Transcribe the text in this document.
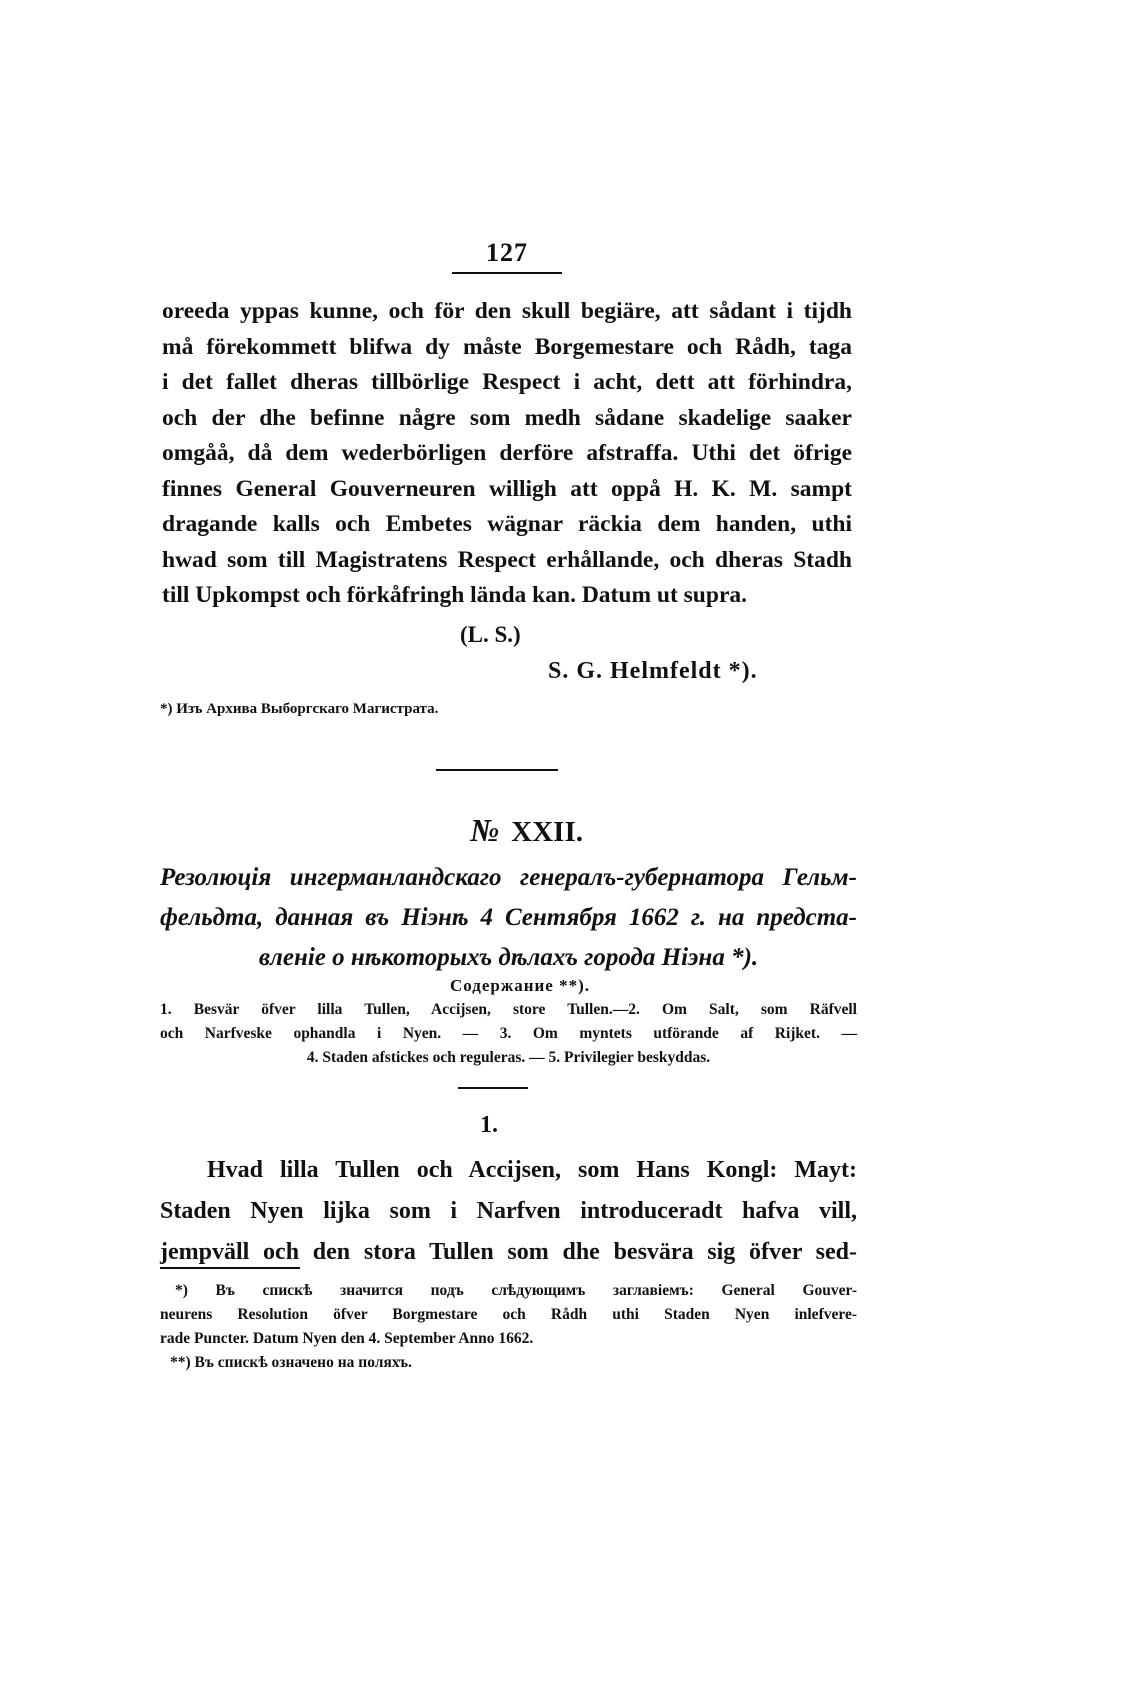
127
oreeda yppas kunne, och för den skull begiäre, att sådant i tijdh
må förekommett blifwa dy måste Borgemestare och Rådh, taga
i det fallet dheras tillbörlige Respect i acht, dett att förhindra,
och der dhe befinne någre som medh sådane skadelige saaker
omgåå, då dem wederbörligen derföre afstraffa. Uthi det öfrige
finnes General Gouverneuren willigh att oppå H. K. M. sampt
dragande kalls och Embetes wägnar räckia dem handen, uthi
hwad som till Magistratens Respect erhållande, och dheras Stadh
till Upkompst och förkåfringh lända kan. Datum ut supra.
(L. S.)
S. G. Helmfeldt *).
*) Изъ Архива Выборгскаго Магистрата.
№ XXII.
Резолюція ингерманландскаго генералъ-губернатора Гельм-
фельдта, данная въ Ніэнѣ 4 Сентября 1662 г. на предста-
вленіе о нѣкоторыхъ дѣлахъ города Ніэна *).
Содержание **).
1. Besvär öfver lilla Tullen, Accijsen, store Tullen.—2. Om Salt, som Räfvell
och Narfveske ophandla i Nyen. — 3. Om myntets utförande af Rijket. —
4. Staden afstickes och reguleras. — 5. Privilegier beskyddas.
1.
Hvad lilla Tullen och Accijsen, som Hans Kongl: Mayt:
Staden Nyen lijka som i Narfven introduceradt hafva vill,
jempväll och den stora Tullen som dhe besvära sig öfver sed-
*) Въ спискѣ значится подъ слѣдующимъ заглавіемъ: General Gouver-
neurens Resolution öfver Borgmestare och Rådh uthi Staden Nyen inlefvere-
rade Puncter. Datum Nyen den 4. September Anno 1662.
**) Въ спискѣ означено на поляхъ.
